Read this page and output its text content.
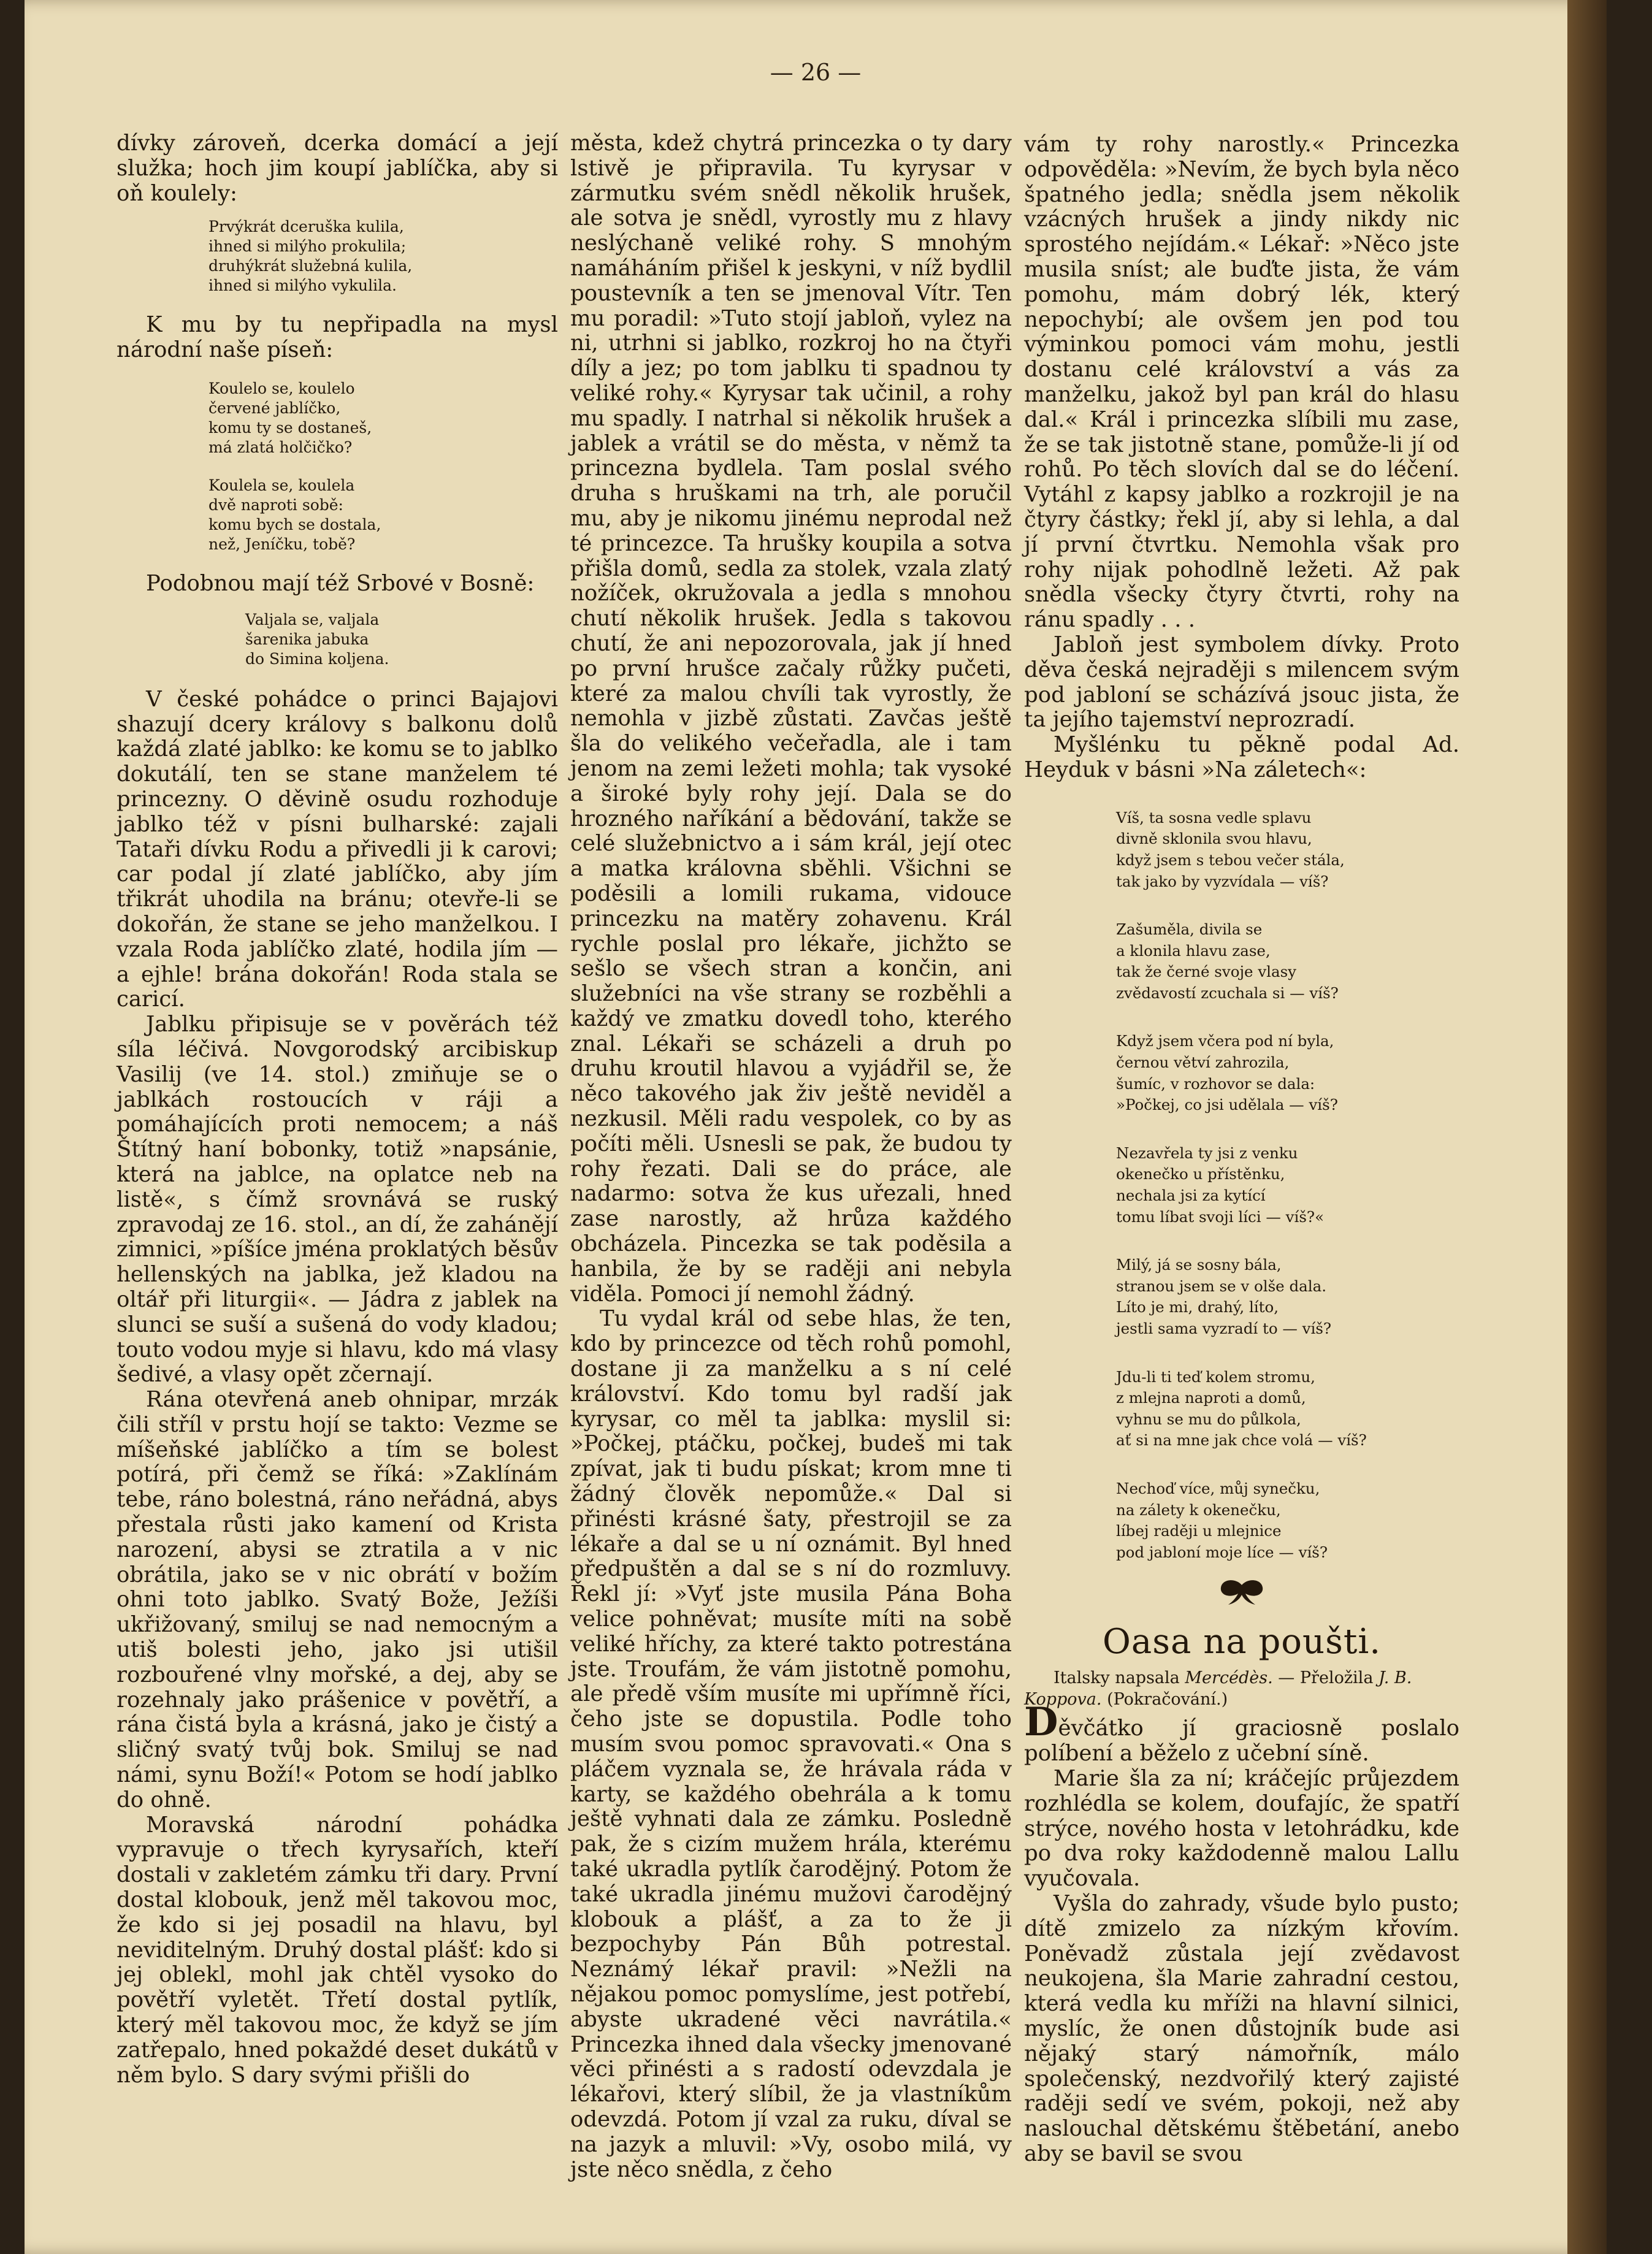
— 26 —

dívky zároveň, dcerka domácí a její služka; hoch jim koupí jablíčka, aby si oň koulely:

Prvýkrát dceruška kulila,
ihned si milýho prokulila;
druhýkrát služebná kulila,
ihned si milýho vykulila.

K mu by tu nepřipadla na mysl národní naše píseň:

Koulelo se, koulelo
červené jablíčko,
komu ty se dostaneš,
má zlatá holčičko?
Koulela se, koulela
dvě naproti sobě:
komu bych se dostala,
než, Jeníčku, tobě?

Podobnou mají též Srbové v Bosně:

Valjala se, valjala
šarenika jabuka
do Simina koljena.

V české pohádce o princi Bajajovi shazují dcery královy s balkonu dolů každá zlaté jablko: ke komu se to jablko dokutálí, ten se stane manželem té princezny. O děvině osudu rozhoduje jablko též v písni bulharské: zajali Tataři dívku Rodu a přivedli ji k carovi; car podal jí zlaté jablíčko, aby jím třikrát uhodila na bránu; otevře-li se dokořán, že stane se jeho manželkou. I vzala Roda jablíčko zlaté, hodila jím — a ejhle! brána dokořán! Roda stala se caricí.

Jablku připisuje se v pověrách též síla léčivá. Novgorodský arcibiskup Vasilij (ve 14. stol.) zmiňuje se o jablkách rostoucích v ráji a pomáhajících proti nemocem; a náš Štítný haní bobonky, totiž »napsánie, která na jablce, na oplatce neb na listě«, s čímž srovnává se ruský zpravodaj ze 16. stol., an dí, že zahánějí zimnici, »píšíce jména proklatých běsův hellenských na jablka, jež kladou na oltář při liturgii«. — Jádra z jablek na slunci se suší a sušená do vody kladou; touto vodou myje si hlavu, kdo má vlasy šedivé, a vlasy opět zčernají.

Rána otevřená aneb ohnipar, mrzák čili stříl v prstu hojí se takto: Vezme se míšeňské jablíčko a tím se bolest potírá, při čemž se říká: »Zaklínám tebe, ráno bolestná, ráno neřádná, abys přestala růsti jako kamení od Krista narození, abysi se ztratila a v nic obrátila, jako se v nic obrátí v božím ohni toto jablko. Svatý Bože, Ježíši ukřižovaný, smiluj se nad nemocným a utiš bolesti jeho, jako jsi utišil rozbouřené vlny mořské, a dej, aby se rozehnaly jako prášenice v povětří, a rána čistá byla a krásná, jako je čistý a sličný svatý tvůj bok. Smiluj se nad námi, synu Boží!« Potom se hodí jablko do ohně.

Moravská národní pohádka vypravuje o třech kyrysařích, kteří dostali v zakletém zámku tři dary. První dostal klobouk, jenž měl takovou moc, že kdo si jej posadil na hlavu, byl neviditelným. Druhý dostal plášť: kdo si jej oblekl, mohl jak chtěl vysoko do povětří vyletět. Třetí dostal pytlík, který měl takovou moc, že když se jím zatřepalo, hned pokaždé deset dukátů v něm bylo. S dary svými přišli do

města, kdež chytrá princezka o ty dary lstivě je připravila. Tu kyrysar v zármutku svém snědl několik hrušek, ale sotva je snědl, vyrostly mu z hlavy neslýchaně veliké rohy. S mnohým namáháním přišel k jeskyni, v níž bydlil poustevník a ten se jmenoval Vítr. Ten mu poradil: »Tuto stojí jabloň, vylez na ni, utrhni si jablko, rozkroj ho na čtyři díly a jez; po tom jablku ti spadnou ty veliké rohy.« Kyrysar tak učinil, a rohy mu spadly. I natrhal si několik hrušek a jablek a vrátil se do města, v němž ta princezna bydlela. Tam poslal svého druha s hruškami na trh, ale poručil mu, aby je nikomu jinému neprodal než té princezce. Ta hrušky koupila a sotva přišla domů, sedla za stolek, vzala zlatý nožíček, okružovala a jedla s mnohou chutí několik hrušek. Jedla s takovou chutí, že ani nepozorovala, jak jí hned po první hrušce začaly růžky pučeti, které za malou chvíli tak vyrostly, že nemohla v jizbě zůstati. Zavčas ještě šla do velikého večeřadla, ale i tam jenom na zemi ležeti mohla; tak vysoké a široké byly rohy její. Dala se do hrozného naříkání a bědování, takže se celé služebnictvo a i sám král, její otec a matka královna sběhli. Všichni se poděsili a lomili rukama, vidouce princezku na matěry zohavenu. Král rychle poslal pro lékaře, jichžto se sešlo se všech stran a končin, ani služebníci na vše strany se rozběhli a každý ve zmatku dovedl toho, kterého znal. Lékaři se scházeli a druh po druhu kroutil hlavou a vyjádřil se, že něco takového jak živ ještě neviděl a nezkusil. Měli radu vespolek, co by as počíti měli. Usnesli se pak, že budou ty rohy řezati. Dali se do práce, ale nadarmo: sotva že kus uřezali, hned zase narostly, až hrůza každého obcházela. Pincezka se tak poděsila a hanbila, že by se raději ani nebyla viděla. Pomoci jí nemohl žádný.

Tu vydal král od sebe hlas, že ten, kdo by princezce od těch rohů pomohl, dostane ji za manželku a s ní celé království. Kdo tomu byl radší jak kyrysar, co měl ta jablka: myslil si: »Počkej, ptáčku, počkej, budeš mi tak zpívat, jak ti budu pískat; krom mne ti žádný člověk nepomůže.« Dal si přinésti krásné šaty, přestrojil se za lékaře a dal se u ní oznámit. Byl hned předpuštěn a dal se s ní do rozmluvy. Řekl jí: »Vyť jste musila Pána Boha velice pohněvat; musíte míti na sobě veliké hříchy, za které takto potrestána jste. Troufám, že vám jistotně pomohu, ale předě vším musíte mi upřímně říci, čeho jste se dopustila. Podle toho musím svou pomoc spravovati.« Ona s pláčem vyznala se, že hrávala ráda v karty, se každého obehrála a k tomu ještě vyhnati dala ze zámku. Posledně pak, že s cizím mužem hrála, kterému také ukradla pytlík čarodějný. Potom že také ukradla jinému mužovi čarodějný klobouk a plášť, a za to že ji bezpochyby Pán Bůh potrestal. Neznámý lékař pravil: »Nežli na nějakou pomoc pomyslíme, jest potřebí, abyste ukradené věci navrátila.« Princezka ihned dala všecky jmenované věci přinésti a s radostí odevzdala je lékařovi, který slíbil, že ja vlastníkům odevzdá. Potom jí vzal za ruku, díval se na jazyk a mluvil: »Vy, osobo milá, vy jste něco snědla, z čeho

vám ty rohy narostly.« Princezka odpověděla: »Nevím, že bych byla něco špatného jedla; snědla jsem několik vzácných hrušek a jindy nikdy nic sprostého nejídám.« Lékař: »Něco jste musila sníst; ale buďte jista, že vám pomohu, mám dobrý lék, který nepochybí; ale ovšem jen pod tou výminkou pomoci vám mohu, jestli dostanu celé království a vás za manželku, jakož byl pan král do hlasu dal.« Král i princezka slíbili mu zase, že se tak jistotně stane, pomůže-li jí od rohů. Po těch slovích dal se do léčení. Vytáhl z kapsy jablko a rozkrojil je na čtyry částky; řekl jí, aby si lehla, a dal jí první čtvrtku. Nemohla však pro rohy nijak pohodlně ležeti. Až pak snědla všecky čtyry čtvrti, rohy na ránu spadly . . .

Jabloň jest symbolem dívky. Proto děva česká nejraději s milencem svým pod jabloní se scházívá jsouc jista, že ta jejího tajemství neprozradí.

Myšlénku tu pěkně podal Ad. Heyduk v básni »Na záletech«:

Víš, ta sosna vedle splavu
divně sklonila svou hlavu,
když jsem s tebou večer stála,
tak jako by vyzvídala — víš?
Zašuměla, divila se
a klonila hlavu zase,
tak že černé svoje vlasy
zvědavostí zcuchala si — víš?
Když jsem včera pod ní byla,
černou větví zahrozila,
šumíc, v rozhovor se dala:
»Počkej, co jsi udělala — víš?
Nezavřela ty jsi z venku
okenečko u přístěnku,
nechala jsi za kytící
tomu líbat svoji líci — víš?«
Milý, já se sosny bála,
stranou jsem se v olše dala.
Líto je mi, drahý, líto,
jestli sama vyzradí to — víš?
Jdu-li ti teď kolem stromu,
z mlejna naproti a domů,
vyhnu se mu do půlkola,
ať si na mne jak chce volá — víš?
Nechoď více, můj synečku,
na zálety k okenečku,
líbej raději u mlejnice
pod jabloní moje líce — víš?
Oasa na poušti.

Italsky napsala Mercédès. — Přeložila J. B. Koppova. (Pokračování.)

Děvčátko jí graciosně poslalo políbení a běželo z učební síně.

Marie šla za ní; kráčejíc průjezdem rozhlédla se kolem, doufajíc, že spatří strýce, nového hosta v letohrádku, kde po dva roky každodenně malou Lallu vyučovala.

Vyšla do zahrady, všude bylo pusto; dítě zmizelo za nízkým křovím. Poněvadž zůstala její zvědavost neukojena, šla Marie zahradní cestou, která vedla ku mříži na hlavní silnici, myslíc, že onen důstojník bude asi nějaký starý námořník, málo společenský, nezdvořilý který zajisté raději sedí ve svém, pokoji, než aby naslouchal dětskému štěbetání, anebo aby se bavil se svou
